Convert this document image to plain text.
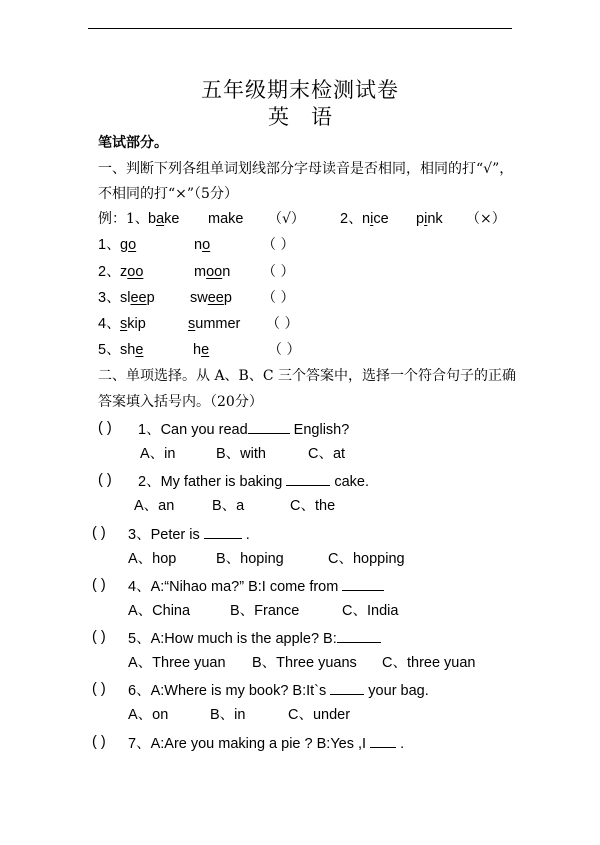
五年级期末检测试卷
英语
笔试部分。
一、判断下列各组单词划线部分字母读音是否相同，相同的打“√”，
不相同的打“×”（5分）
例：1、 bake make （√） 2、 nice pink （×）
1、 go	no	（ ）
2、 zoo	moon （ ）
3、 sleep sweep （ ）
4、 skip	summer （ ）
5、 she	he	（ ）
二、单项选择。从 A、B、C 三个答案中，选择一个符合句子的正确
答案填入括号内。（20分）
( ) 1、Can you read	English?
A、in	B、with	C、at
( ) 2、My father is baking	cake.
A、an	B、a	C、the
( ) 3、Peter is	.
A、hop	B、hoping	C、hopping
( ) 4、A:“Nihao ma?” B:I come from
A、China	B、France	C、India
( ) 5、A:How much is the apple? B:
A、Three yuan B、Three yuans C、three yuan
( ) 6、A:Where is my book? B:It`s  your bag.
A、on	B、in	C、under
( ) 7、A:Are you making a pie ? B:Yes ,I  .
